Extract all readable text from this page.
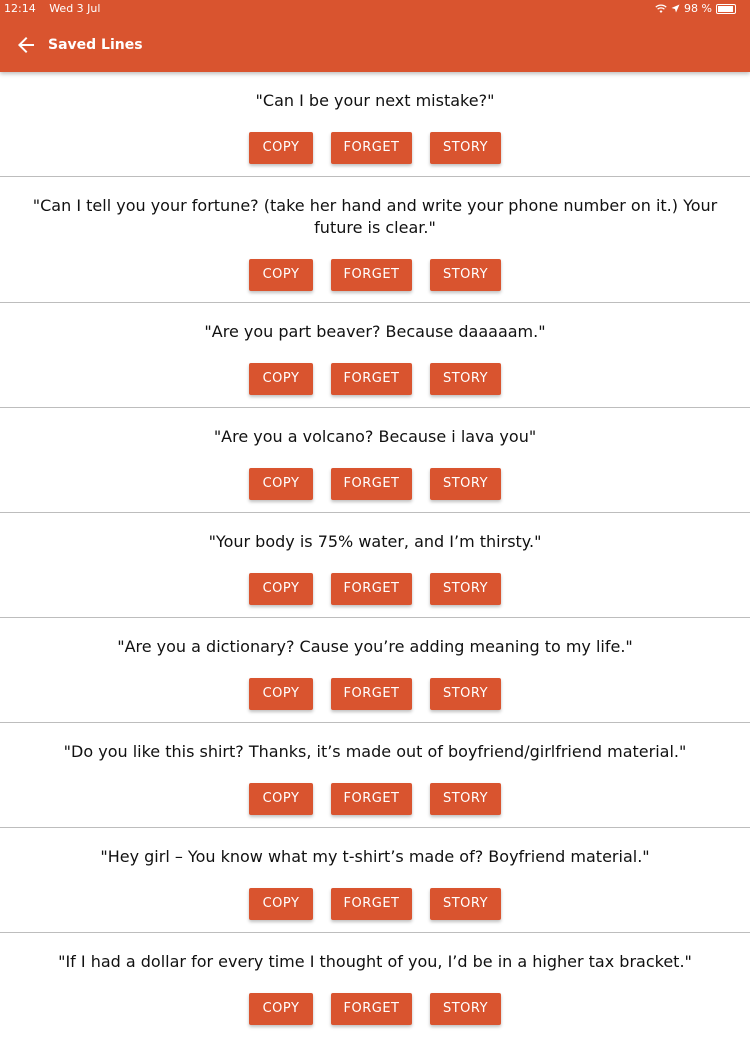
12:14 Wed 3 Jul	98 %
Saved Lines
"Can I be your next mistake?"
COPY	FORGET	STORY
"Can I tell you your fortune? (take her hand and write your phone number on it.) Your future is clear."
COPY	FORGET	STORY
"Are you part beaver? Because daaaaam."
COPY	FORGET	STORY
"Are you a volcano? Because i lava you"
COPY	FORGET	STORY
"Your body is 75% water, and I’m thirsty."
COPY	FORGET	STORY
"Are you a dictionary? Cause you’re adding meaning to my life."
COPY	FORGET	STORY
"Do you like this shirt? Thanks, it’s made out of boyfriend/girlfriend material."
COPY	FORGET	STORY
"Hey girl – You know what my t-shirt’s made of? Boyfriend material."
COPY	FORGET	STORY
"If I had a dollar for every time I thought of you, I’d be in a higher tax bracket."
COPY	FORGET	STORY
